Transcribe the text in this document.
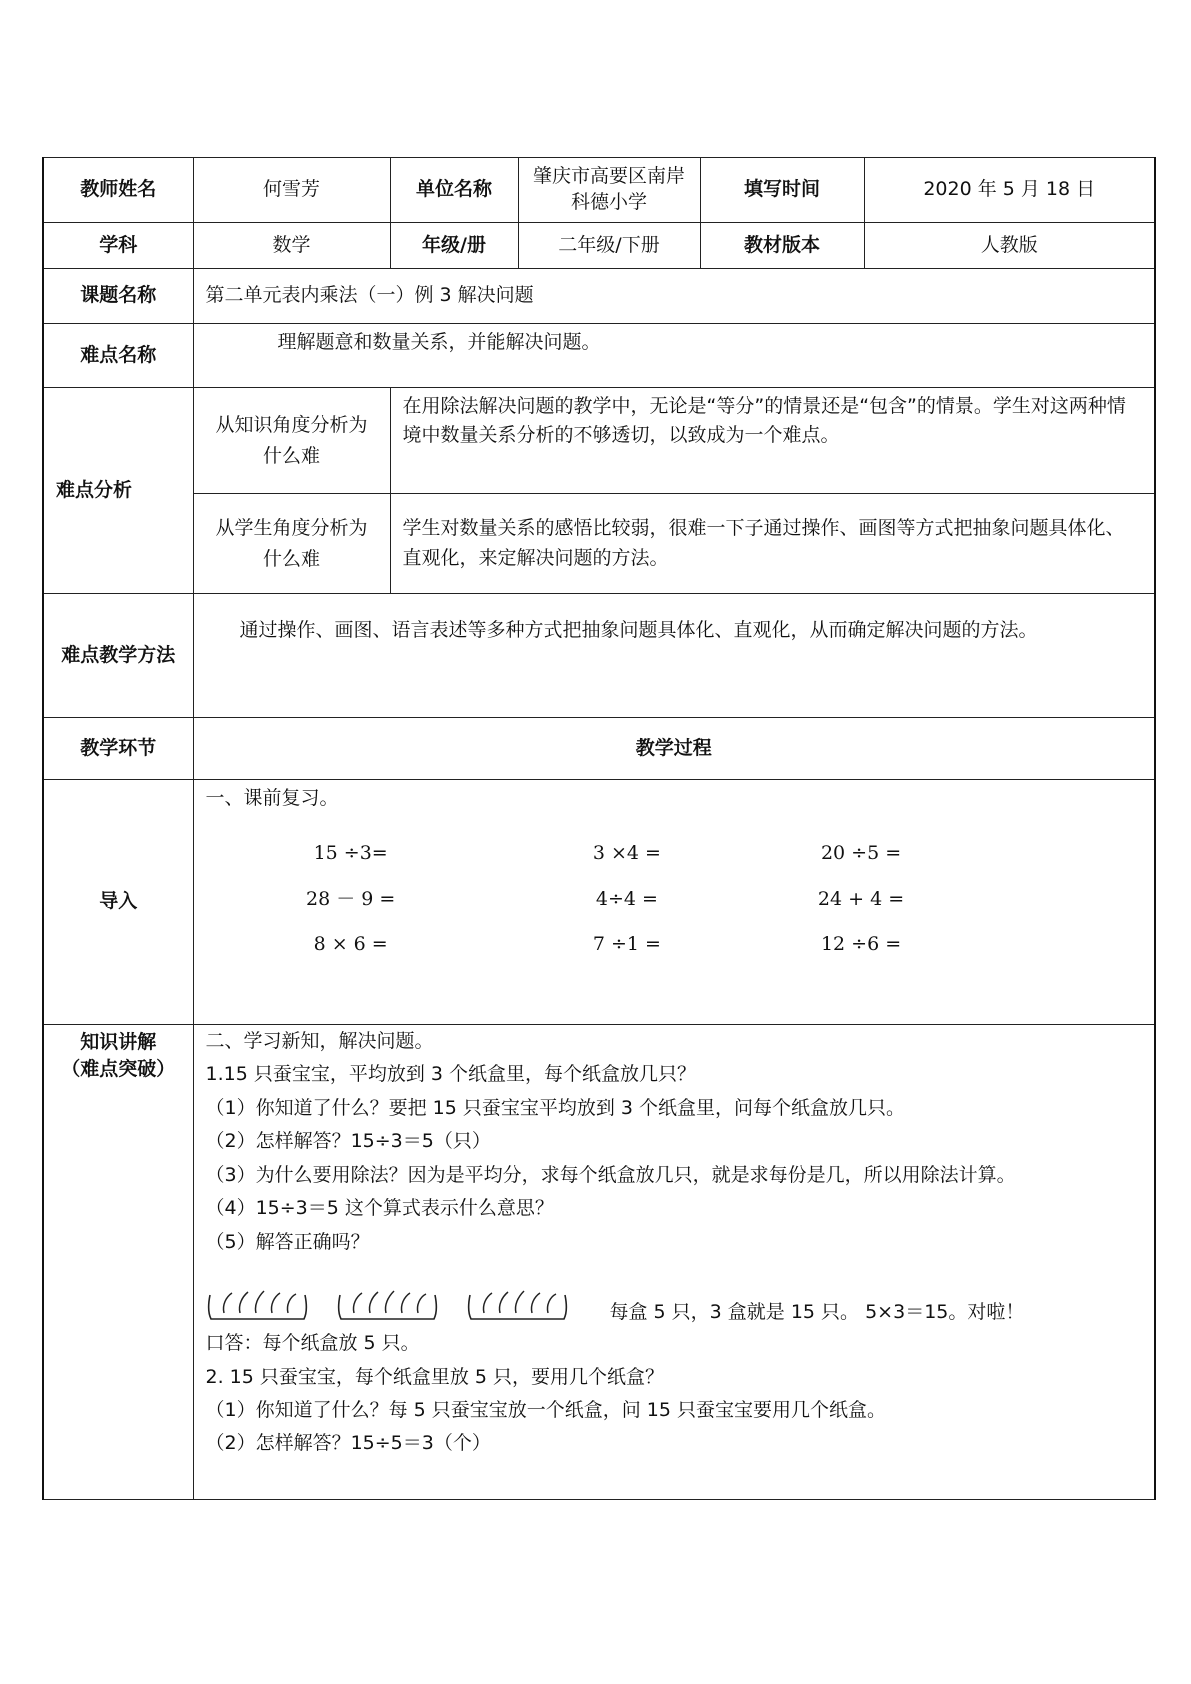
教师姓名	何雪芳	单位名称	肇庆市高要区南岸科德小学	填写时间	2020 年 5 月 18 日
学科	数学	年级/册	二年级/下册	教材版本	人教版
课题名称	第二单元表内乘法（一）例 3 解决问题
难点名称	理解题意和数量关系，并能解决问题。
难点分析	从知识角度分析为什么难	在用除法解决问题的教学中，无论是“等分”的情景还是“包含”的情景。学生对这两种情境中数量关系分析的不够透切，以致成为一个难点。
从学生角度分析为什么难	学生对数量关系的感悟比较弱，很难一下子通过操作、画图等方式把抽象问题具体化、直观化，来定解决问题的方法。
难点教学方法	通过操作、画图、语言表述等多种方式把抽象问题具体化、直观化，从而确定解决问题的方法。
教学环节	教学过程
导入	

一、课前复习。

15 ÷3=	3 ×4 =	20 ÷5 =	
28 － 9 =	4÷4 =	24 + 4 =	
8 × 6 =	7 ÷1 =	12 ÷6 =	

知识讲解
（难点突破）

二、学习新知，解决问题。

1.15 只蚕宝宝，平均放到 3 个纸盒里，每个纸盒放几只？

（1）你知道了什么？要把 15 只蚕宝宝平均放到 3 个纸盒里，问每个纸盒放几只。

（2）怎样解答？15÷3＝5（只）

（3）为什么要用除法？因为是平均分，求每个纸盒放几只，就是求每份是几，所以用除法计算。

（4）15÷3＝5 这个算式表示什么意思？

（5）解答正确吗？

每盒 5 只，3 盒就是 15 只。 5×3＝15。对啦！

口答：每个纸盒放 5 只。

2. 15 只蚕宝宝，每个纸盒里放 5 只，要用几个纸盒？

（1）你知道了什么？每 5 只蚕宝宝放一个纸盒，问 15 只蚕宝宝要用几个纸盒。

（2）怎样解答？15÷5＝3（个）
